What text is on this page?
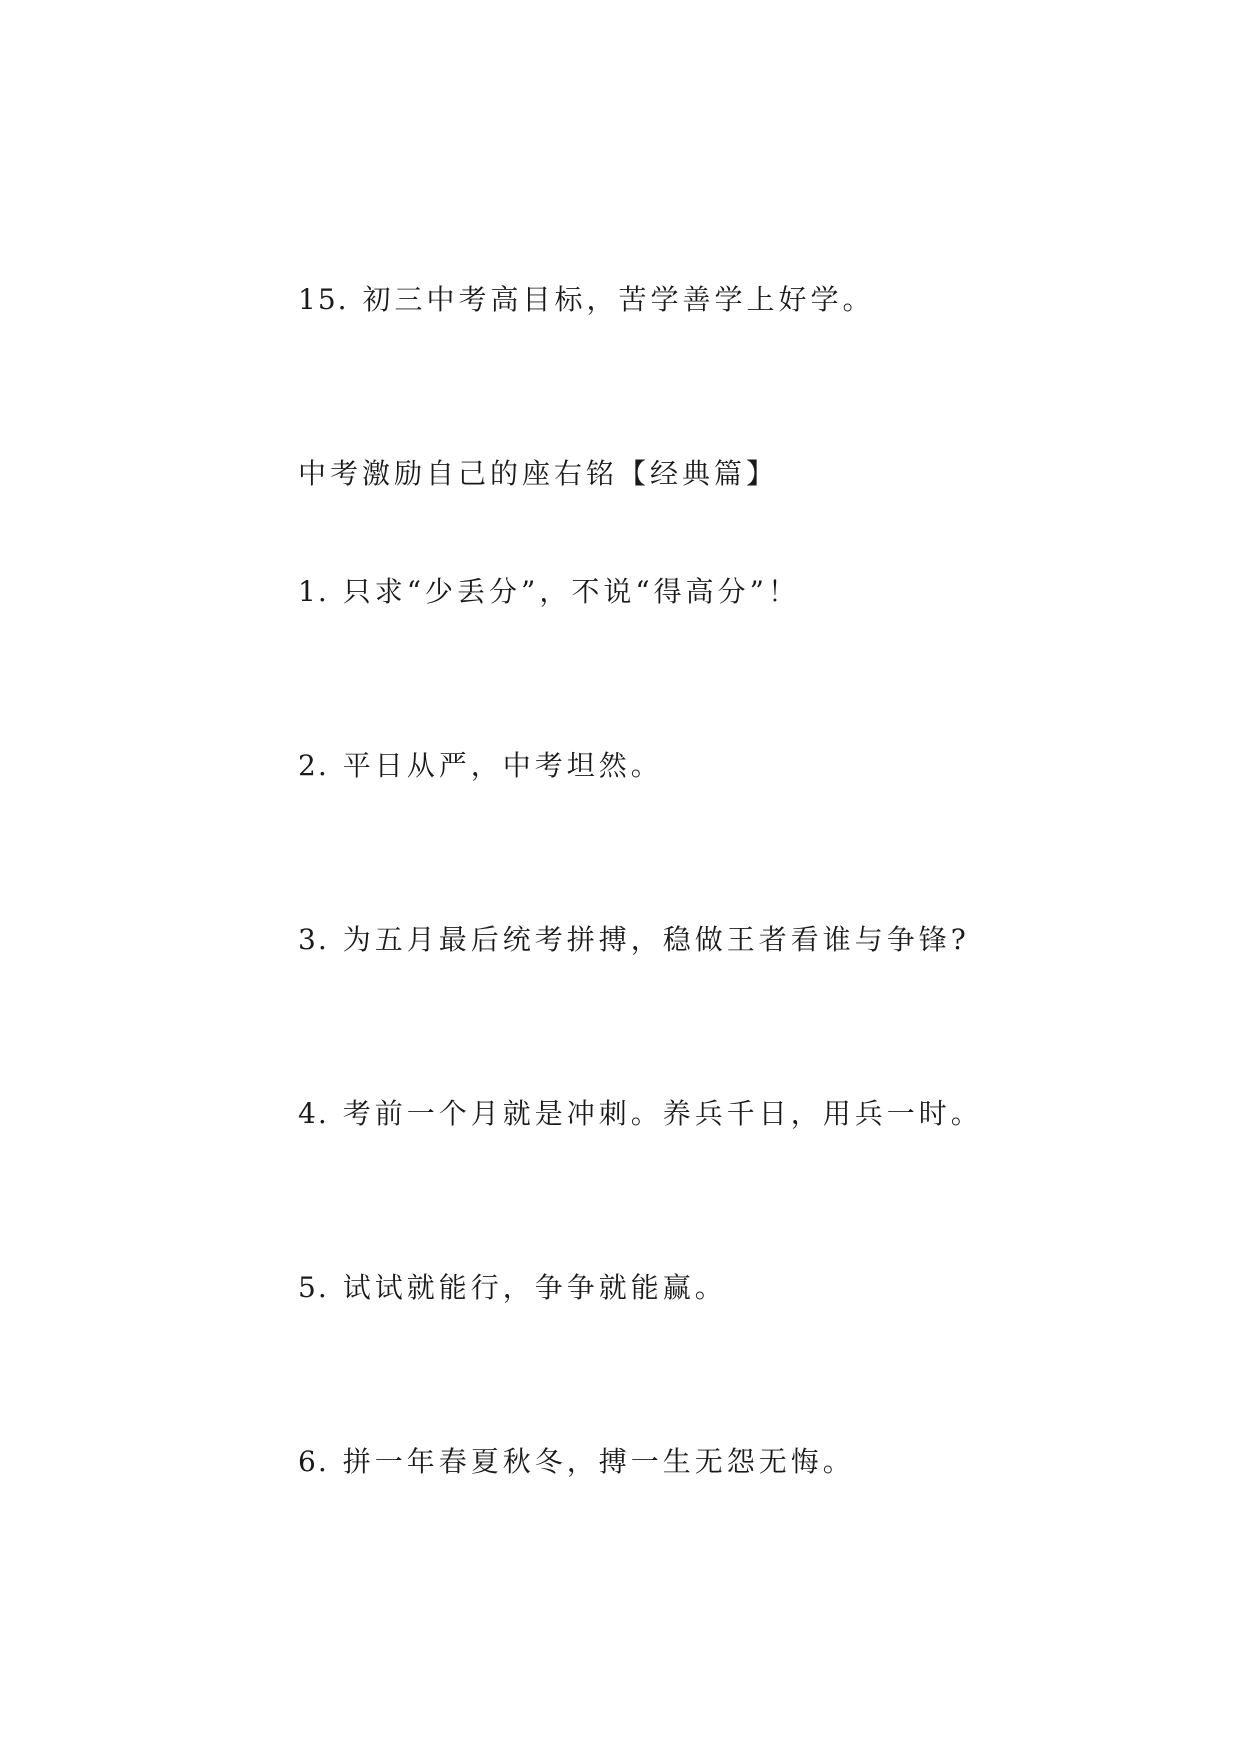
15. 初三中考高目标，苦学善学上好学。
中考激励自己的座右铭【经典篇】
1. 只求“少丢分”，不说“得高分”！
2. 平日从严，中考坦然。
3. 为五月最后统考拼搏，稳做王者看谁与争锋?
4. 考前一个月就是冲刺。养兵千日，用兵一时。
5. 试试就能行，争争就能赢。
6. 拼一年春夏秋冬，搏一生无怨无悔。
